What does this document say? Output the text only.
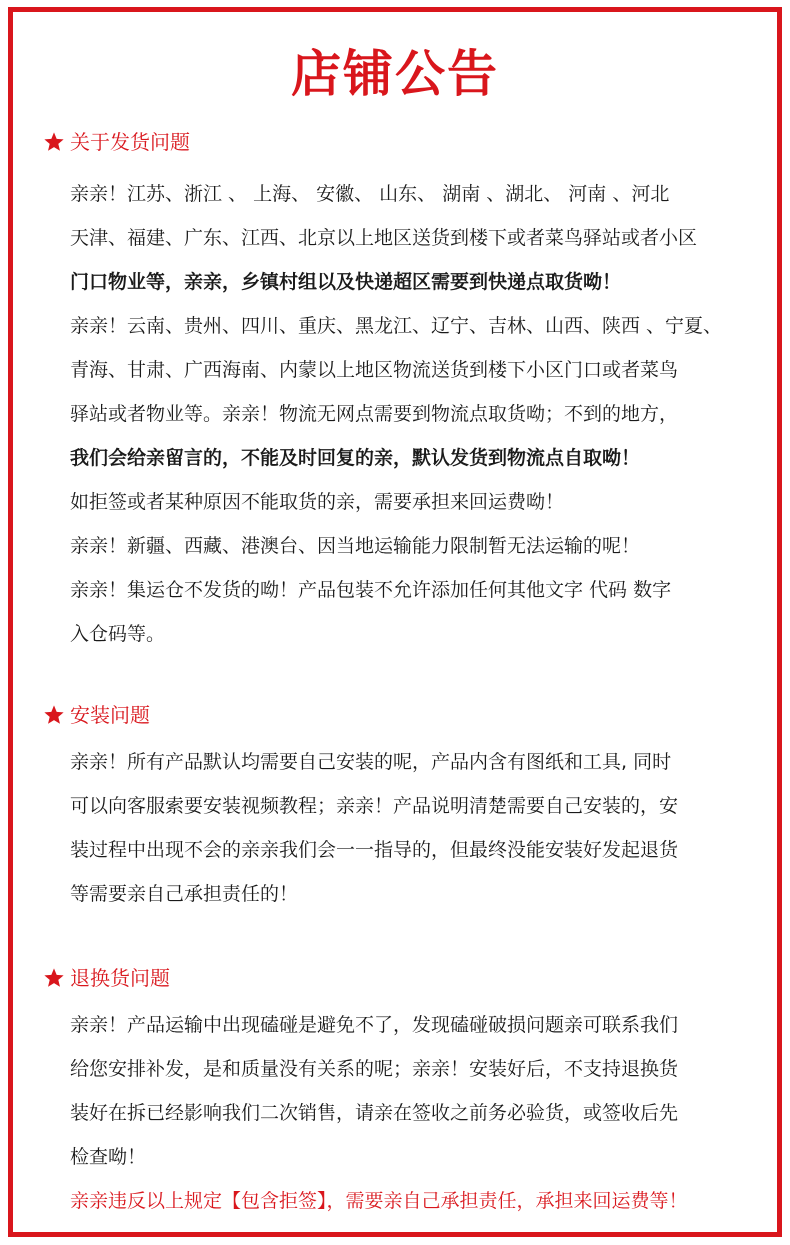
店铺公告
关于发货问题
亲亲！江苏、浙江 、 上海、 安徽、 山东、 湖南 、湖北、 河南 、河北
天津、福建、广东、江西、北京以上地区送货到楼下或者菜鸟驿站或者小区
门口物业等，亲亲，乡镇村组以及快递超区需要到快递点取货呦！
亲亲！云南、贵州、四川、重庆、黑龙江、辽宁、吉林、山西、陕西 、宁夏、
青海、甘肃、广西海南、内蒙以上地区物流送货到楼下小区门口或者菜鸟
驿站或者物业等。亲亲！物流无网点需要到物流点取货呦；不到的地方，
我们会给亲留言的，不能及时回复的亲，默认发货到物流点自取呦！
如拒签或者某种原因不能取货的亲，需要承担来回运费呦！
亲亲！新疆、西藏、港澳台、因当地运输能力限制暂无法运输的呢！
亲亲！集运仓不发货的呦！产品包装不允许添加任何其他文字 代码 数字
入仓码等。
安装问题
亲亲！所有产品默认均需要自己安装的呢，产品内含有图纸和工具, 同时
可以向客服索要安装视频教程；亲亲！产品说明清楚需要自己安装的，安
装过程中出现不会的亲亲我们会一一指导的，但最终没能安装好发起退货
等需要亲自己承担责任的！
退换货问题
亲亲！产品运输中出现磕碰是避免不了，发现磕碰破损问题亲可联系我们
给您安排补发，是和质量没有关系的呢；亲亲！安装好后，不支持退换货
装好在拆已经影响我们二次销售，请亲在签收之前务必验货，或签收后先
检查呦！
亲亲违反以上规定【包含拒签】，需要亲自己承担责任，承担来回运费等！
